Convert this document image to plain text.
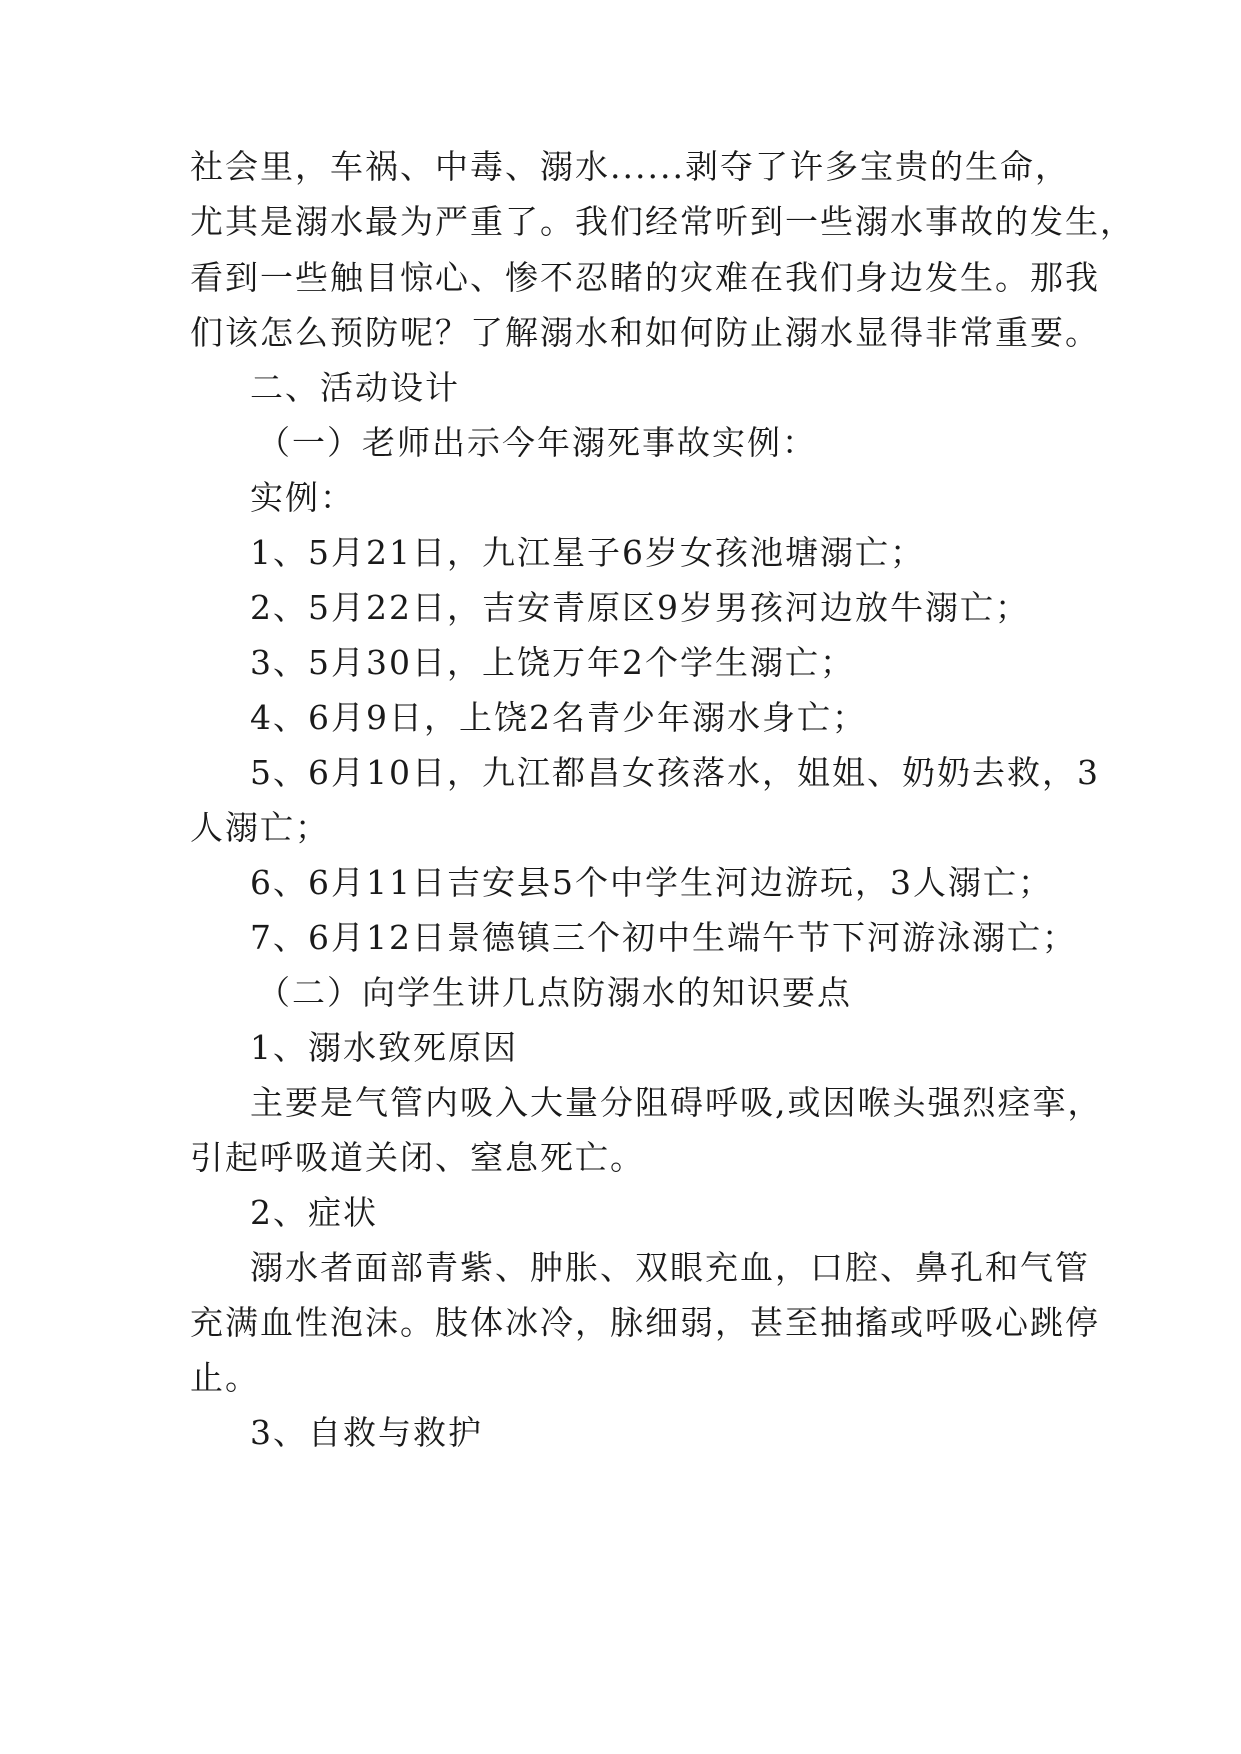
社会里，车祸、中毒、溺水......剥夺了许多宝贵的生命，
尤其是溺水最为严重了。我们经常听到一些溺水事故的发生，
看到一些触目惊心、惨不忍睹的灾难在我们身边发生。那我
们该怎么预防呢？了解溺水和如何防止溺水显得非常重要。
二、活动设计
（一）老师出示今年溺死事故实例：
实例：
1、5月21日，九江星子6岁女孩池塘溺亡；
2、5月22日，吉安青原区9岁男孩河边放牛溺亡；
3、5月30日，上饶万年2个学生溺亡；
4、6月9日，上饶2名青少年溺水身亡；
5、6月10日，九江都昌女孩落水，姐姐、奶奶去救，3
人溺亡；
6、6月11日吉安县5个中学生河边游玩，3人溺亡；
7、6月12日景德镇三个初中生端午节下河游泳溺亡；
（二）向学生讲几点防溺水的知识要点
1、溺水致死原因
主要是气管内吸入大量分阻碍呼吸,或因喉头强烈痉挛，
引起呼吸道关闭、窒息死亡。
2、症状
溺水者面部青紫、肿胀、双眼充血，口腔、鼻孔和气管
充满血性泡沫。肢体冰冷，脉细弱，甚至抽搐或呼吸心跳停
止。
3、自救与救护
